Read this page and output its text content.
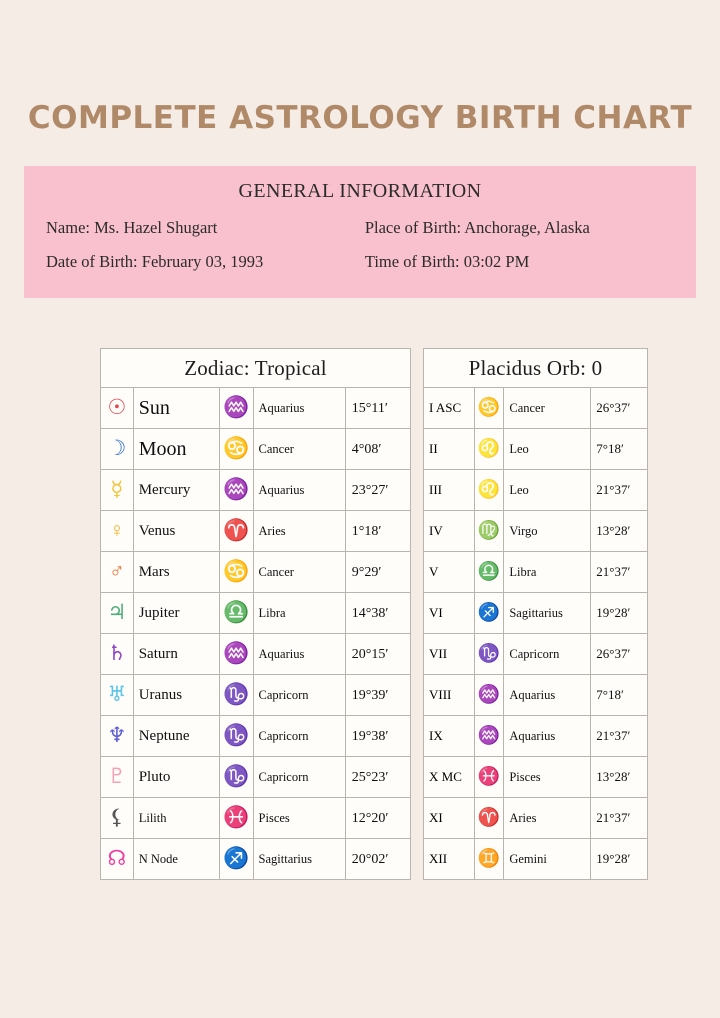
COMPLETE ASTROLOGY BIRTH CHART
GENERAL INFORMATION
Name: Ms. Hazel Shugart	Place of Birth: Anchorage, Alaska
Date of Birth: February 03, 1993	Time of Birth: 03:02 PM
Zodiac: Tropical				
☉	Sun	♒	Aquarius	15°11′
☽	Moon	♋	Cancer	4°08′
☿	Mercury	♒	Aquarius	23°27′
♀	Venus	♈	Aries	1°18′
♂	Mars	♋	Cancer	9°29′
♃	Jupiter	♎	Libra	14°38′
♄	Saturn	♒	Aquarius	20°15′
♅	Uranus	♑	Capricorn	19°39′
♆	Neptune	♑	Capricorn	19°38′
♇	Pluto	♑	Capricorn	25°23′
⚸	Lilith	♓	Pisces	12°20′
☊	N Node	♐	Sagittarius	20°02′
Placidus Orb: 0			
I ASC	♋	Cancer	26°37′
II	♌	Leo	7°18′
III	♌	Leo	21°37′
IV	♍	Virgo	13°28′
V	♎	Libra	21°37′
VI	♐	Sagittarius	19°28′
VII	♑	Capricorn	26°37′
VIII	♒	Aquarius	7°18′
IX	♒	Aquarius	21°37′
X MC	♓	Pisces	13°28′
XI	♈	Aries	21°37′
XII	♊	Gemini	19°28′
